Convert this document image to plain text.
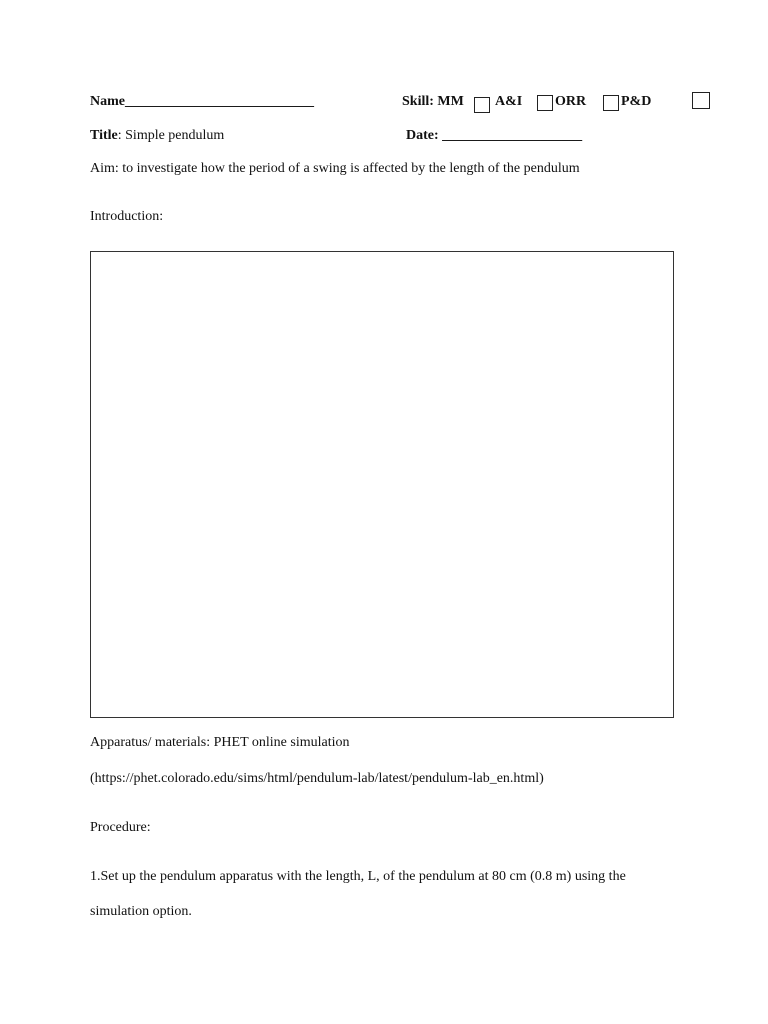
Name___________________________	Skill: MM A&I ORR P&D
Title: Simple pendulum	Date: ____________________
Aim: to investigate how the period of a swing is affected by the length of the pendulum
Introduction:
Apparatus/ materials: PHET online simulation
(https://phet.colorado.edu/sims/html/pendulum-lab/latest/pendulum-lab_en.html)
Procedure:
1.Set up the pendulum apparatus with the length, L, of the pendulum at 80 cm (0.8 m) using the
simulation option.
